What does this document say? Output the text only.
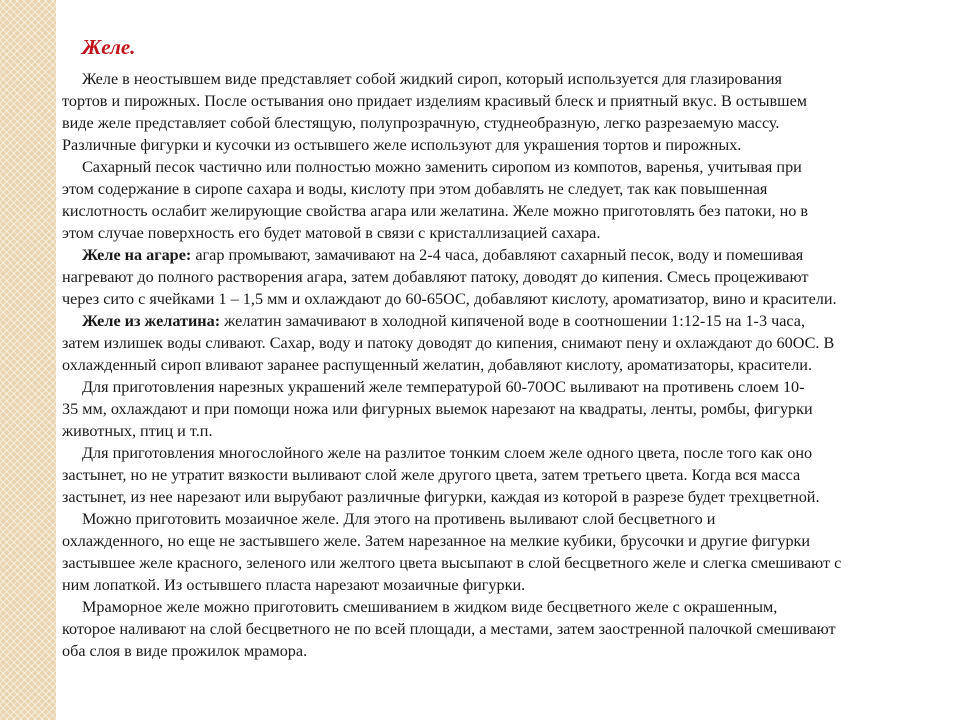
Желе.
Желе в неостывшем виде представляет собой жидкий сироп, который используется для глазирования
тортов и пирожных. После остывания оно придает изделиям красивый блеск и приятный вкус. В остывшем
виде желе представляет собой блестящую, полупрозрачную, студнеобразную, легко разрезаемую массу.
Различные фигурки и кусочки из остывшего желе используют для украшения тортов и пирожных.
Сахарный песок частично или полностью можно заменить сиропом из компотов, варенья, учитывая при
этом содержание в сиропе сахара и воды, кислоту при этом добавлять не следует, так как повышенная
кислотность ослабит желирующие свойства агара или желатина. Желе можно приготовлять без патоки, но в
этом случае поверхность его будет матовой в связи с кристаллизацией сахара.
Желе на агаре: агар промывают, замачивают на 2-4 часа, добавляют сахарный песок, воду и помешивая
нагревают до полного растворения агара, затем добавляют патоку, доводят до кипения. Смесь процеживают
через сито с ячейками 1 – 1,5 мм и охлаждают до 60-65ОС, добавляют кислоту, ароматизатор, вино и красители.
Желе из желатина: желатин замачивают в холодной кипяченой воде в соотношении 1:12-15 на 1-3 часа,
затем излишек воды сливают. Сахар, воду и патоку доводят до кипения, снимают пену и охлаждают до 60ОС. В
охлажденный сироп вливают заранее распущенный желатин, добавляют кислоту, ароматизаторы, красители.
Для приготовления нарезных украшений желе температурой 60-70ОС выливают на противень слоем 10-
35 мм, охлаждают и при помощи ножа или фигурных выемок нарезают на квадраты, ленты, ромбы, фигурки
животных, птиц и т.п.
Для приготовления многослойного желе на разлитое тонким слоем желе одного цвета, после того как оно
застынет, но не утратит вязкости выливают слой желе другого цвета, затем третьего цвета. Когда вся масса
застынет, из нее нарезают или вырубают различные фигурки, каждая из которой в разрезе будет трехцветной.
Можно приготовить мозаичное желе. Для этого на противень выливают слой бесцветного и
охлажденного, но еще не застывшего желе. Затем нарезанное на мелкие кубики, брусочки и другие фигурки
застывшее желе красного, зеленого или желтого цвета высыпают в слой бесцветного желе и слегка смешивают с
ним лопаткой. Из остывшего пласта нарезают мозаичные фигурки.
Мраморное желе можно приготовить смешиванием в жидком виде бесцветного желе с окрашенным,
которое наливают на слой бесцветного не по всей площади, а местами, затем заостренной палочкой смешивают
оба слоя в виде прожилок мрамора.
